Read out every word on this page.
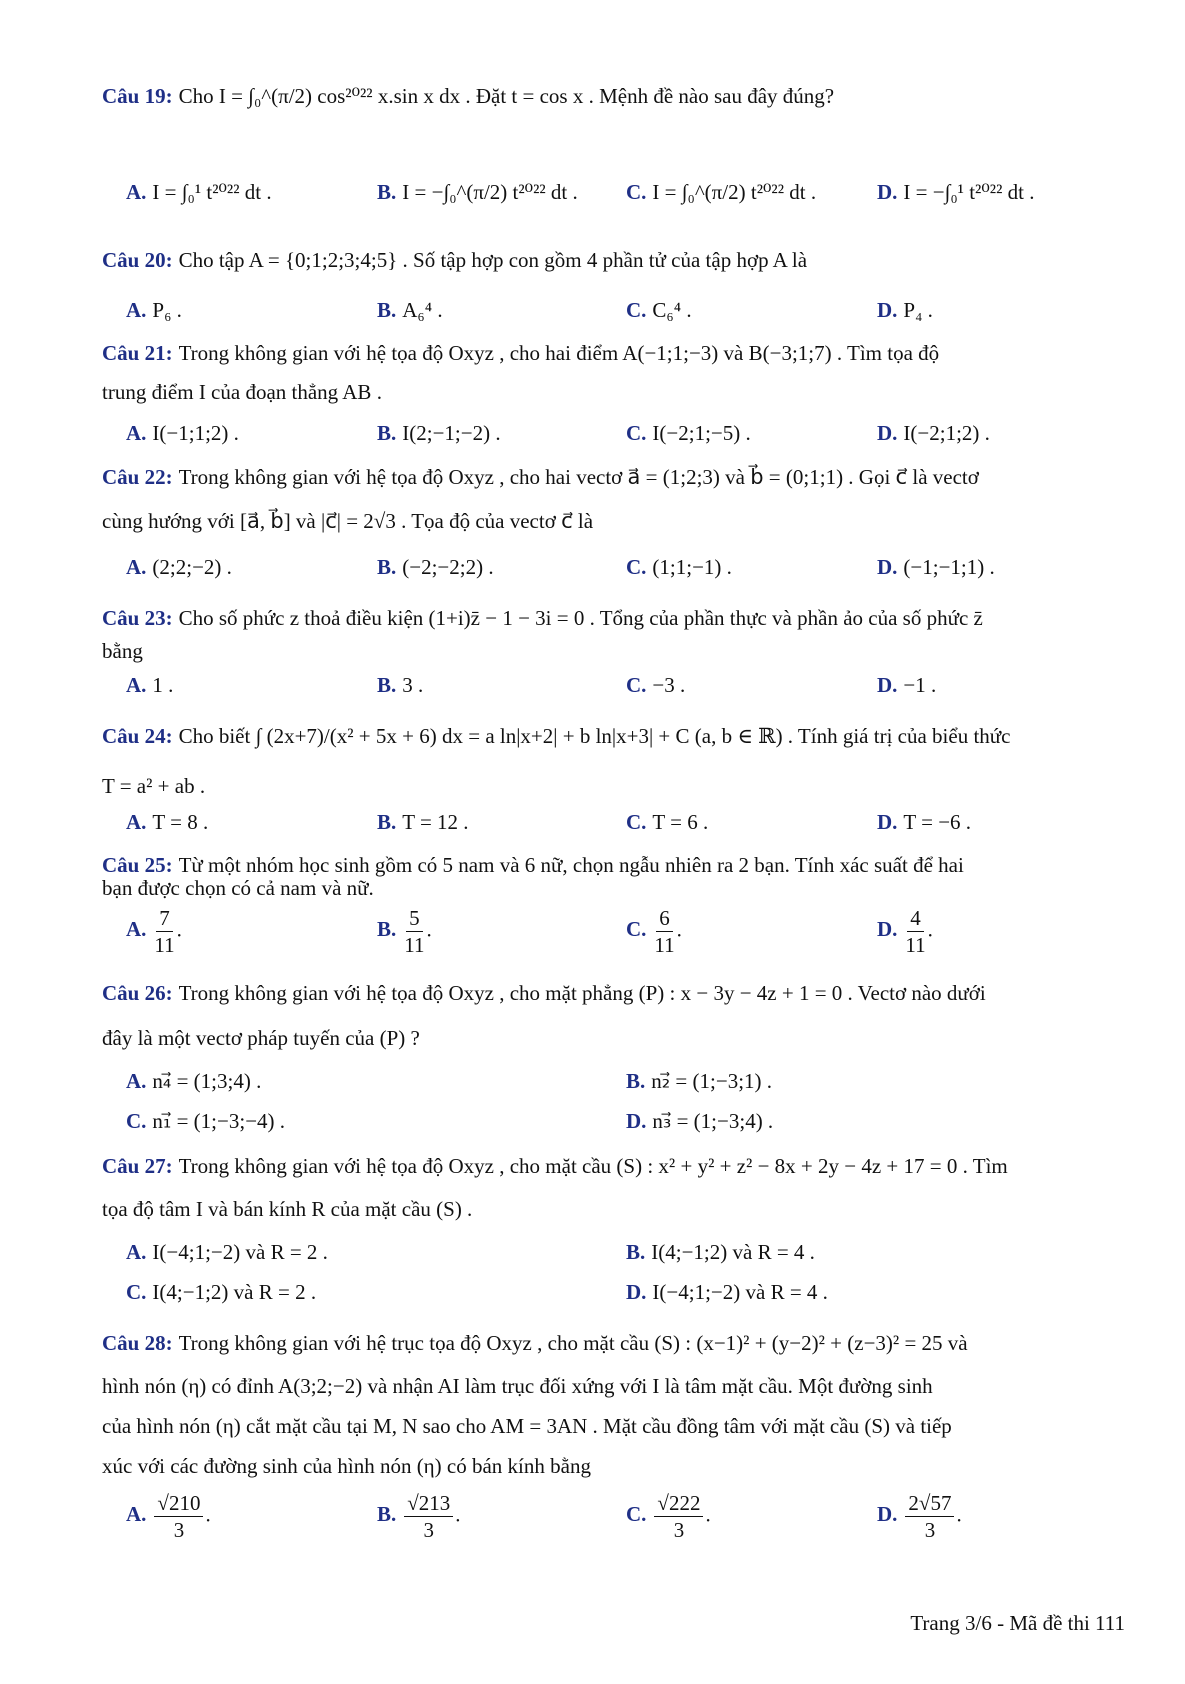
Trang 3/6 - Mã đề thi 111
Câu 19: Cho I = ∫₀^(π/2) cos²⁰²² x.sin x dx . Đặt t = cos x . Mệnh đề nào sau đây đúng?
A. I = ∫₀¹ t²⁰²² dt .	B. I = −∫₀^(π/2) t²⁰²² dt . C. I = ∫₀^(π/2) t²⁰²² dt .	D. I = −∫₀¹ t²⁰²² dt .
Câu 20: Cho tập A = {0;1;2;3;4;5} . Số tập hợp con gồm 4 phần tử của tập hợp A là
A. P₆ .	B. A₆⁴ .	C. C₆⁴ .	D. P₄ .
Câu 21: Trong không gian với hệ tọa độ Oxyz , cho hai điểm A(−1;1;−3) và B(−3;1;7) . Tìm tọa độ
trung điểm I của đoạn thẳng AB .
A. I(−1;1;2) .	B. I(2;−1;−2) .	C. I(−2;1;−5) .	D. I(−2;1;2) .
Câu 22: Trong không gian với hệ tọa độ Oxyz , cho hai vectơ a⃗ = (1;2;3) và b⃗ = (0;1;1) . Gọi c⃗ là vectơ
cùng hướng với [a⃗, b⃗] và |c⃗| = 2√3 . Tọa độ của vectơ c⃗ là
A. (2;2;−2) .	B. (−2;−2;2) .	C. (1;1;−1) .	D. (−1;−1;1) .
Câu 23: Cho số phức z thoả điều kiện (1+i)z̄ − 1 − 3i = 0 . Tổng của phần thực và phần ảo của số phức z̄
bằng
A. 1 .	B. 3 .	C. −3 .	D. −1 .
Câu 24: Cho biết ∫ (2x+7)/(x² + 5x + 6) dx = a ln|x+2| + b ln|x+3| + C (a, b ∈ ℝ) . Tính giá trị của biểu thức
T = a² + ab .
A. T = 8 .	B. T = 12 .	C. T = 6 .	D. T = −6 .
Câu 25: Từ một nhóm học sinh gồm có 5 nam và 6 nữ, chọn ngẫu nhiên ra 2 bạn. Tính xác suất để hai
bạn được chọn có cả nam và nữ.
A. $\frac{7}{11}$ .	B. $\frac{5}{11}$ .	C. $\frac{6}{11}$ .	D. $\frac{4}{11}$ .
Câu 26: Trong không gian với hệ tọa độ Oxyz , cho mặt phẳng (P) : x − 3y − 4z + 1 = 0 . Vectơ nào dưới
đây là một vectơ pháp tuyến của (P) ?
A. n₄⃗ = (1;3;4) .	B. n₂⃗ = (1;−3;1) .
C. n₁⃗ = (1;−3;−4) .	D. n₃⃗ = (1;−3;4) .
Câu 27: Trong không gian với hệ tọa độ Oxyz , cho mặt cầu (S) : x² + y² + z² − 8x + 2y − 4z + 17 = 0 . Tìm
tọa độ tâm I và bán kính R của mặt cầu (S) .
A. I(−4;1;−2) và R = 2 .	B. I(4;−1;2) và R = 4 .
C. I(4;−1;2) và R = 2 .	D. I(−4;1;−2) và R = 4 .
Câu 28: Trong không gian với hệ trục tọa độ Oxyz , cho mặt cầu (S) : (x−1)² + (y−2)² + (z−3)² = 25 và
hình nón (η) có đỉnh A(3;2;−2) và nhận AI làm trục đối xứng với I là tâm mặt cầu. Một đường sinh
của hình nón (η) cắt mặt cầu tại M, N sao cho AM = 3AN . Mặt cầu đồng tâm với mặt cầu (S) và tiếp
xúc với các đường sinh của hình nón (η) có bán kính bằng
A. $\frac{√210}{3}$ .	B. $\frac{√213}{3}$ .	C. $\frac{√222}{3}$ .	D. $\frac{2√57}{3}$ .
